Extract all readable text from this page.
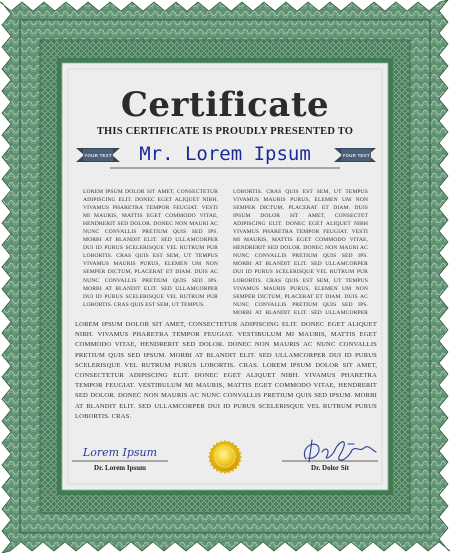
Certificate
THIS CERTIFICATE IS PROUDLY PRESENTED TO
Mr. Lorem Ipsum
YOUR TEXT	YOUR TEXT
LOREM IPSUM DOLOR SIT AMET, CONSECTETUR ADIPISCING ELIT. DONEC EGET ALIQUET NIBH. VIVAMUS PHARETRA TEMPOR FEUGIAT. VESTI MI MAURIS, MATTIS EGET COMMODO VITAE, HENDRERIT SED DOLOR. DONEC NON MAURI AC NUNC CONVALLIS PRETIUM QUIS SED IPS. MORBI AT BLANDIT ELIT. SED ULLAMCORPER DUI ID PURUS SCELERISQUE VEL RUTRUM PUR LOBORTIS. CRAS QUIS EST SEM, UT TEMPUS VIVAMUS MAURIS PURUS, ELEMEN UM NON SEMPER DICTUM, PLACERAT ET DIAM. DUIS AC NUNC CONVALLIS PRETIUM QUIS SED IPS. MORBI AT BLANDIT ELIT. SED ULLAMCORPER DUI ID PURUS SCELERISQUE VEL RUTRUM PUR LOBORTIS. CRAS QUIS EST SEM, UT TEMPUS.
LOBORTIS. CRAS QUIS EST SEM, UT TEMPUS VIVAMUS MAURIS PURUS, ELEMEN UM NON SEMPER DICTUM, PLACERAT ET DIAM. DUIS IPSUM DOLOR SIT AMET, CONSECTET ADIPISCING ELIT. DONEC EGET ALIQUET NIBH VIVAMUS PHARETRA TEMPOR FEUGIAT. VESTI MI MAURIS, MATTIS EGET COMMODO VITAE, HENDRERIT SED DOLOR. DONEC NON MAURI AC NUNC CONVALLIS PRETIUM QUIS SED IPS. MORBI AT BLANDIT ELIT. SED ULLAMCORPER DUI ID PURUS SCELERISQUE VEL RUTRUM PUR LOBORTIS. CRAS QUIS EST SEM, UT TEMPUS VIVAMUS MAURIS PURUS, ELEMEN UM NON SEMPER DICTUM, PLACERAT ET DIAM. DUIS AC NUNC CONVALLIS PRETIUM QUIS SED IPS. MORBI AT BLANDIT ELIT. SED ULLAMCORPER
LOREM IPSUM DOLOR SIT AMET, CONSECTETUR ADIPISCING ELIT. DONEC EGET ALIQUET NIBH. VIVAMUS PHARETRA TEMPOR FEUGIAT. VESTIBULUM MI MAURIS, MATTIS EGET COMMODO VITAE, HENDRERIT SED DOLOR. DONEC NON MAURIS AC NUNC CONVALLIS PRETIUM QUIS SED IPSUM. MORBI AT BLANDIT ELIT. SED ULLAMCORPER DUI ID PURUS SCELERISQUE VEL RUTRUM PURUS LOBORTIS. CRAS. LOREM IPSUM DOLOR SIT AMET, CONSECTETUR ADIPISCING ELIT. DONEC EGET ALIQUET NIBH. VIVAMUS PHARETRA TEMPOR FEUGIAT. VESTIBULUM MI MAURIS, MATTIS EGET COMMODO VITAE, HENDRERIT SED DOLOR. DONEC NON MAURIS AC NUNC CONVALLIS PRETIUM QUIS SED IPSUM. MORBI AT BLANDIT ELIT. SED ULLAMCORPER DUI ID PURUS SCELERISQUE VEL RUTRUM PURUS LOBORTIS. CRAS.
Lorem Ipsum
Dr. Lorem Ipsum	Dr. Dolor Sit
